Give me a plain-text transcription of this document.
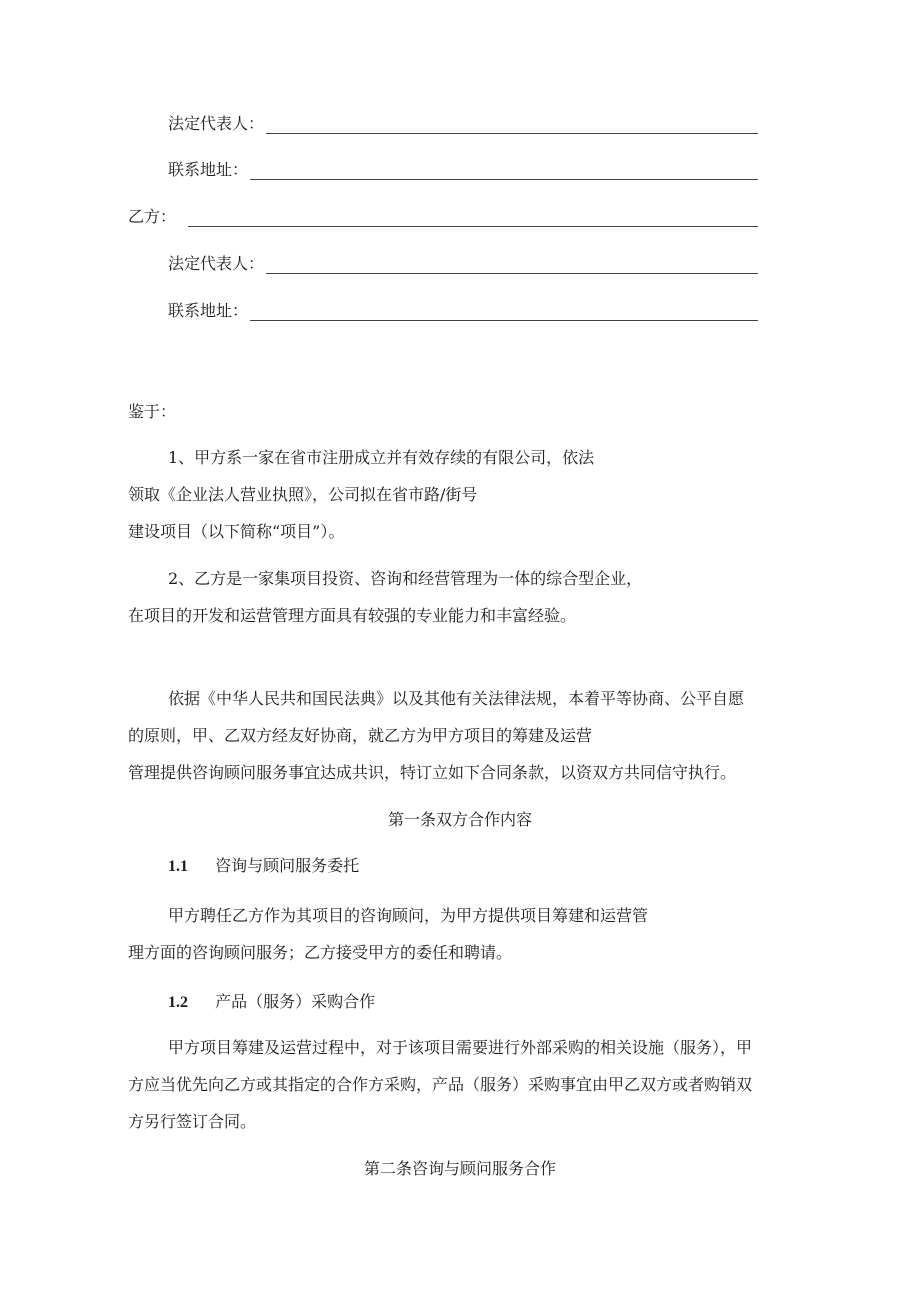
法定代表人：
联系地址：
乙方：
法定代表人：
联系地址：
鉴于：
1、甲方系一家在省市注册成立并有效存续的有限公司，依法
领取《企业法人营业执照》，公司拟在省市路/街号
建设项目（以下简称“项目”）。
2、乙方是一家集项目投资、咨询和经营管理为一体的综合型企业，
在项目的开发和运营管理方面具有较强的专业能力和丰富经验。
依据《中华人民共和国民法典》以及其他有关法律法规，本着平等协商、公平自愿
的原则，甲、乙双方经友好协商，就乙方为甲方项目的筹建及运营
管理提供咨询顾问服务事宜达成共识，特订立如下合同条款，以资双方共同信守执行。
第一条双方合作内容
1.1 咨询与顾问服务委托
甲方聘任乙方作为其项目的咨询顾问，为甲方提供项目筹建和运营管
理方面的咨询顾问服务；乙方接受甲方的委任和聘请。
1.2 产品（服务）采购合作
甲方项目筹建及运营过程中，对于该项目需要进行外部采购的相关设施（服务），甲
方应当优先向乙方或其指定的合作方采购，产品（服务）采购事宜由甲乙双方或者购销双
方另行签订合同。
第二条咨询与顾问服务合作
